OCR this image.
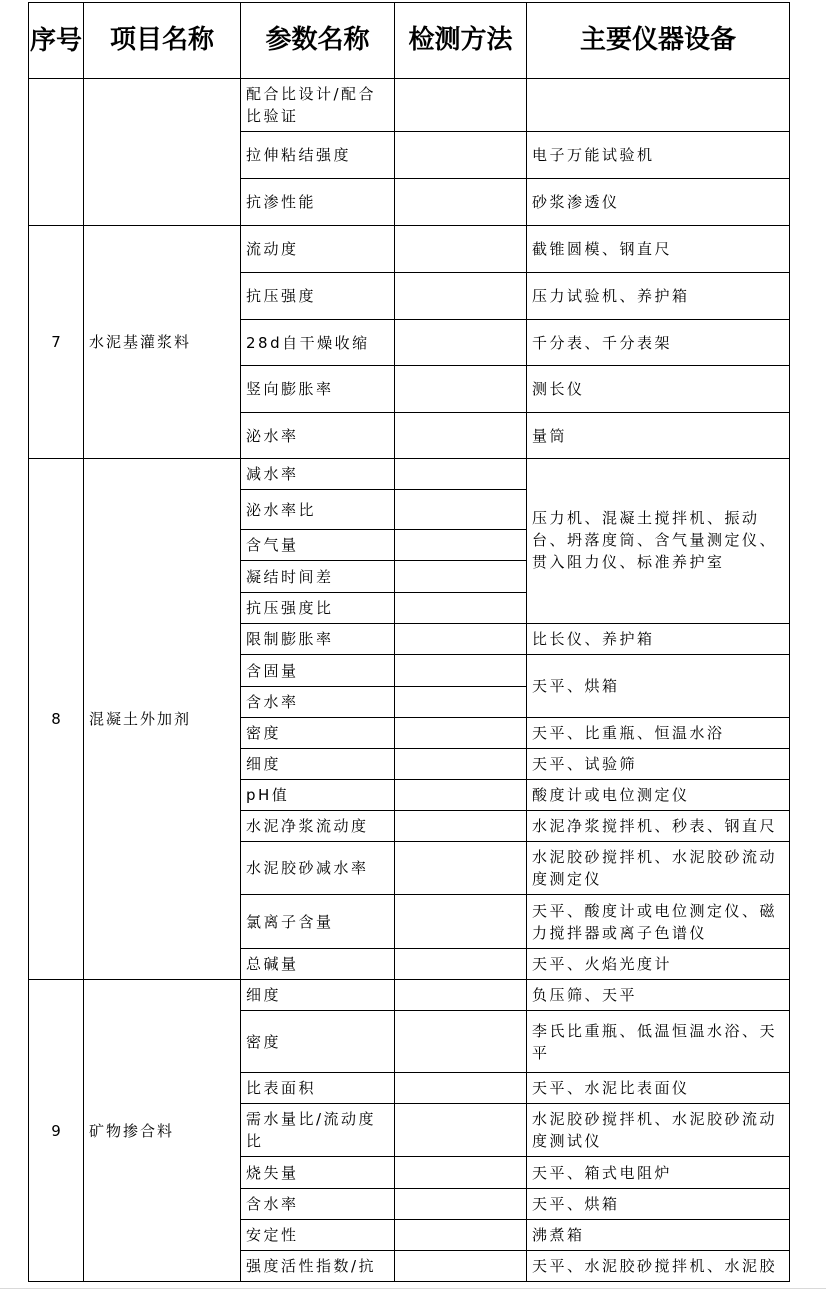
序号	项目名称	参数名称	检测方法	主要仪器设备
		配合比设计/配合比验证		
		拉伸粘结强度		电子万能试验机
		抗渗性能		砂浆渗透仪
7	水泥基灌浆料	流动度		截锥圆模、钢直尺
		抗压强度		压力试验机、养护箱
		28d自干燥收缩		千分表、千分表架
		竖向膨胀率		测长仪
		泌水率		量筒
8	混凝土外加剂	减水率		压力机、混凝土搅拌机、振动台、坍落度筒、含气量测定仪、贯入阻力仪、标准养护室
		泌水率比		
		含气量		
		凝结时间差		
		抗压强度比		
		限制膨胀率		比长仪、养护箱
		含固量		天平、烘箱
		含水率		
		密度		天平、比重瓶、恒温水浴
		细度		天平、试验筛
		pH值		酸度计或电位测定仪
		水泥净浆流动度		水泥净浆搅拌机、秒表、钢直尺
		水泥胶砂减水率		水泥胶砂搅拌机、水泥胶砂流动度测定仪
		氯离子含量		天平、酸度计或电位测定仪、磁力搅拌器或离子色谱仪
		总碱量		天平、火焰光度计
9	矿物掺合料	细度		负压筛、天平
		密度		李氏比重瓶、低温恒温水浴、天平
		比表面积		天平、水泥比表面仪
		需水量比/流动度比		水泥胶砂搅拌机、水泥胶砂流动度测试仪
		烧失量		天平、箱式电阻炉
		含水率		天平、烘箱
		安定性		沸煮箱
		强度活性指数/抗		天平、水泥胶砂搅拌机、水泥胶
